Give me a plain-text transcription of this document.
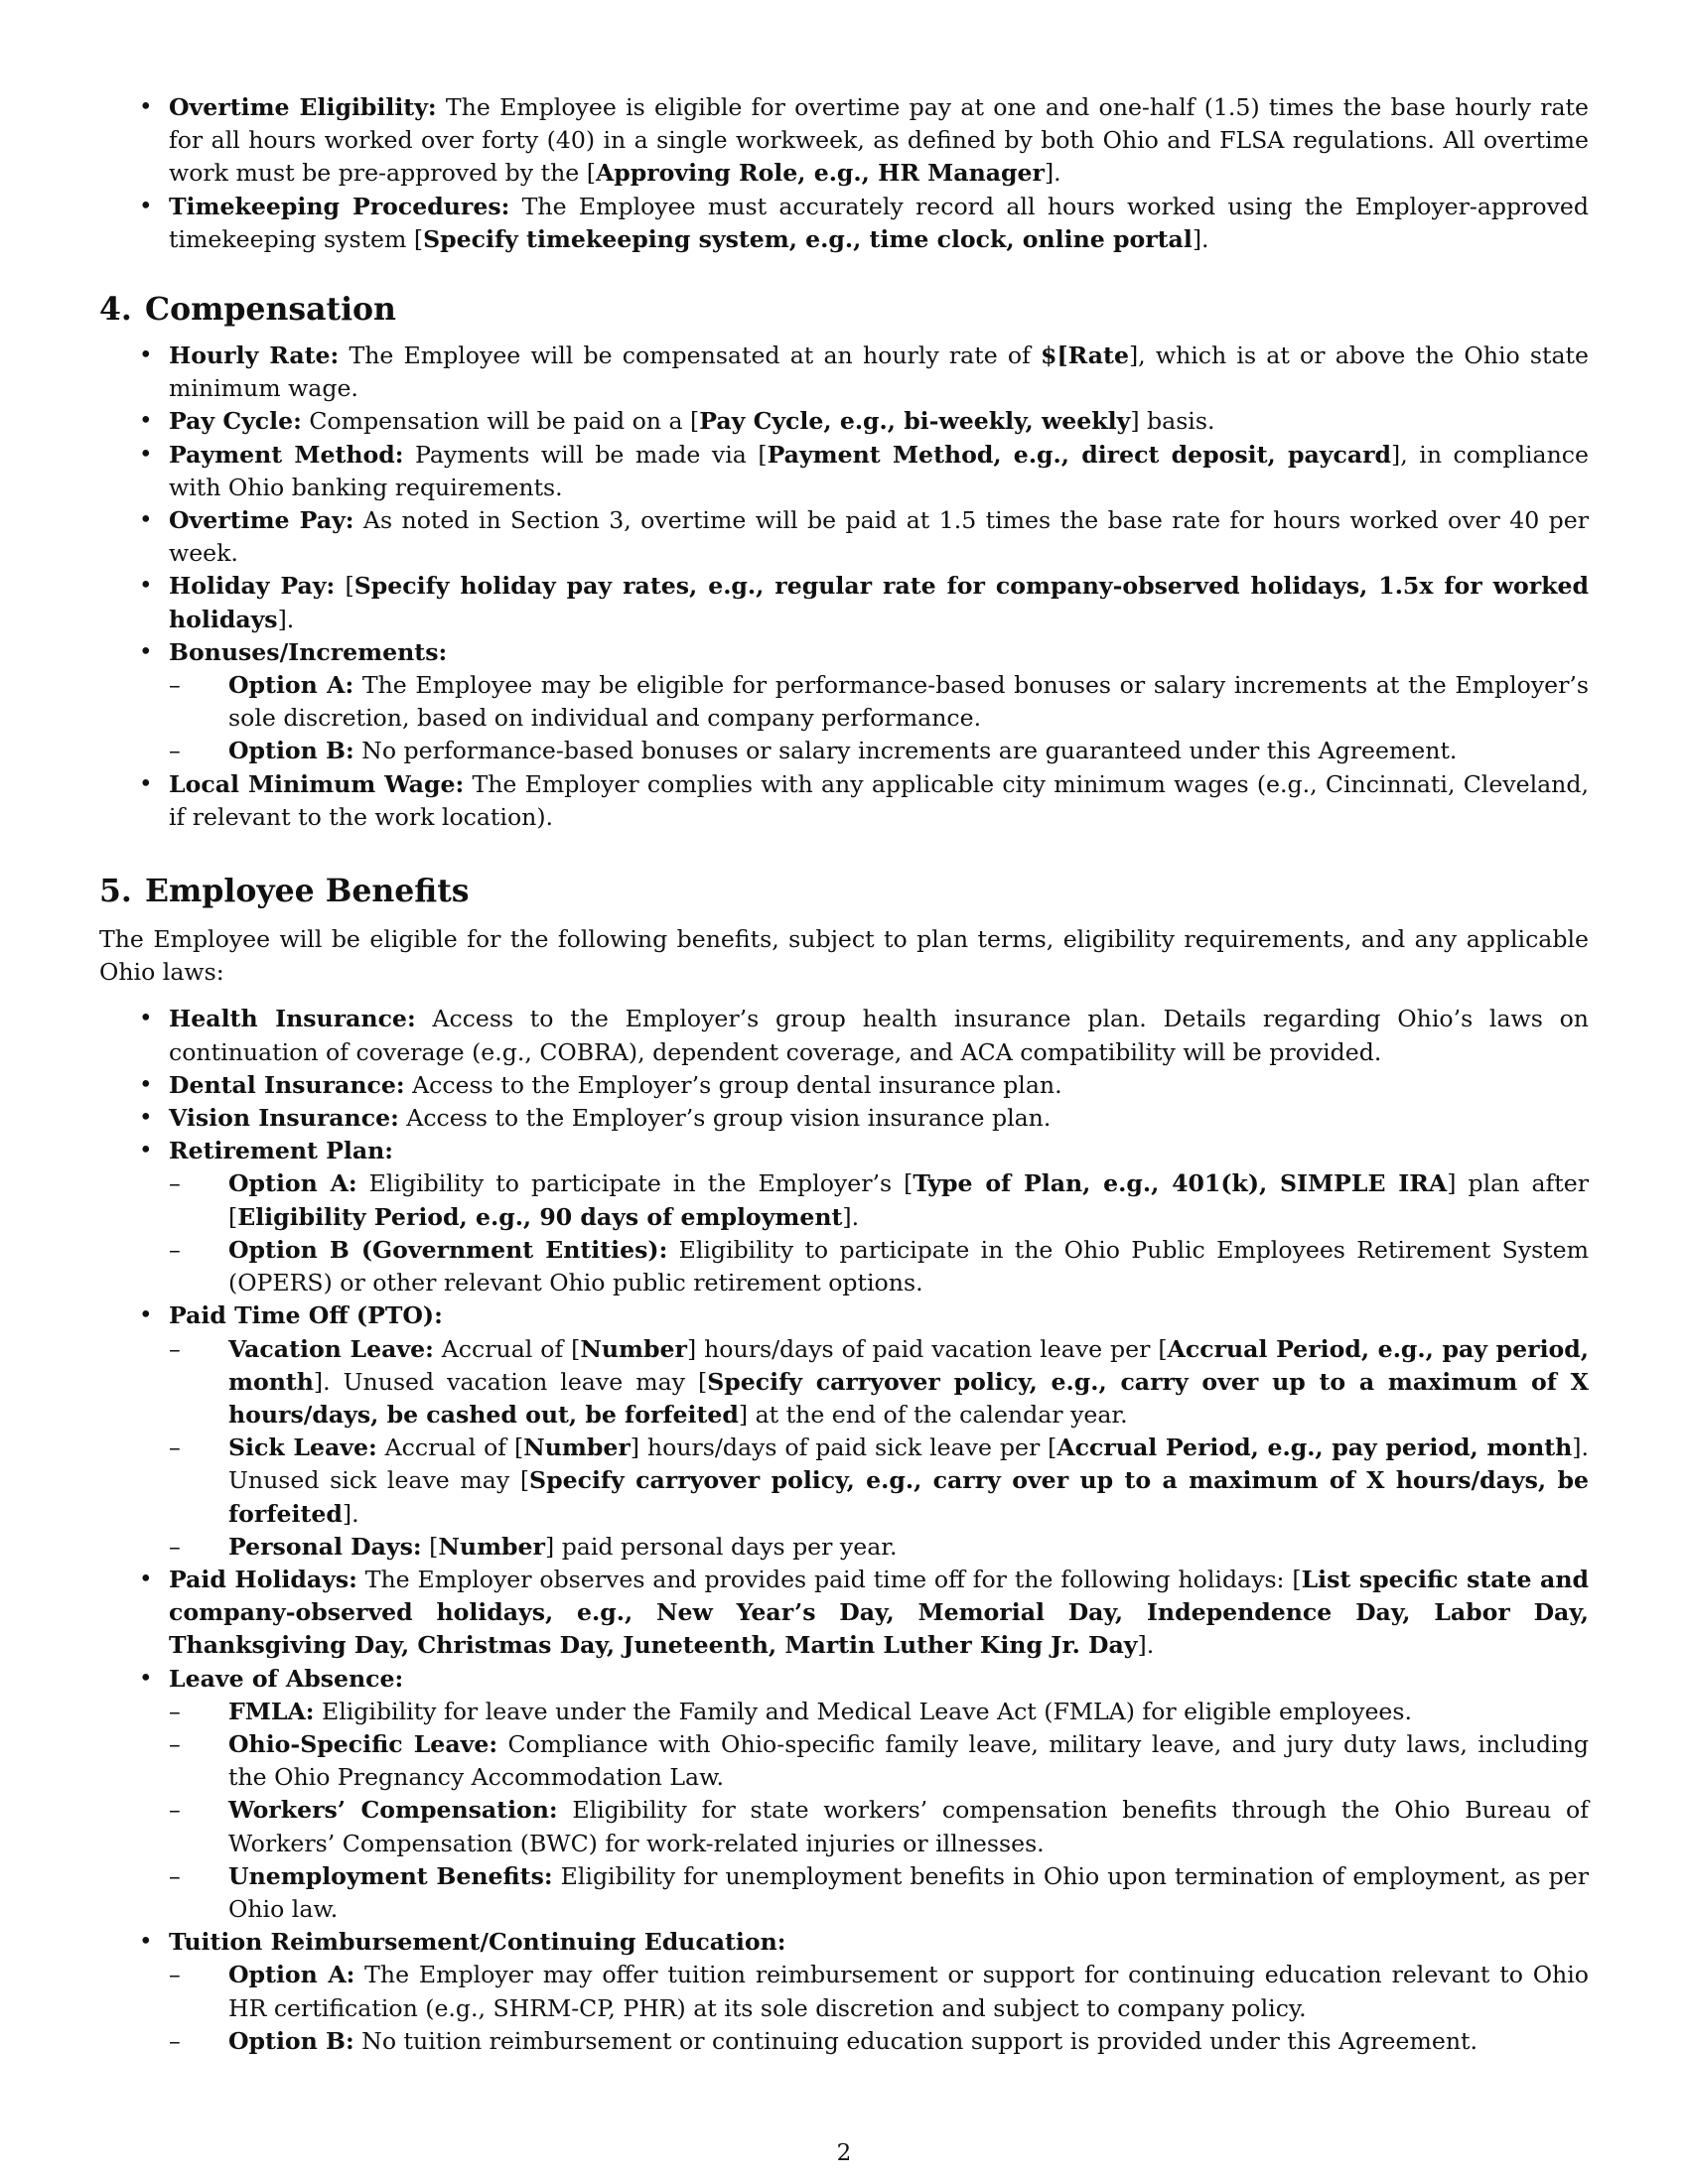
• Overtime Eligibility: The Employee is eligible for overtime pay at one and one-half (1.5) times the base hourly rate for all hours worked over forty (40) in a single workweek, as defined by both Ohio and FLSA regulations. All overtime work must be pre-approved by the [Approving Role, e.g., HR Manager].
• Timekeeping Procedures: The Employee must accurately record all hours worked using the Employer-approved timekeeping system [Specify timekeeping system, e.g., time clock, online portal].
4. Compensation
• Hourly Rate: The Employee will be compensated at an hourly rate of $[Rate], which is at or above the Ohio state minimum wage.
• Pay Cycle: Compensation will be paid on a [Pay Cycle, e.g., bi-weekly, weekly] basis.
• Payment Method: Payments will be made via [Payment Method, e.g., direct deposit, paycard], in compliance with Ohio banking requirements.
• Overtime Pay: As noted in Section 3, overtime will be paid at 1.5 times the base rate for hours worked over 40 per week.
• Holiday Pay: [Specify holiday pay rates, e.g., regular rate for company-observed holidays, 1.5x for worked holidays].
• Bonuses/Increments:
– Option A: The Employee may be eligible for performance-based bonuses or salary increments at the Employer’s sole discretion, based on individual and company performance.
– Option B: No performance-based bonuses or salary increments are guaranteed under this Agreement.
• Local Minimum Wage: The Employer complies with any applicable city minimum wages (e.g., Cincinnati, Cleveland, if relevant to the work location).
5. Employee Benefits

The Employee will be eligible for the following benefits, subject to plan terms, eligibility requirements, and any applicable Ohio laws:

• Health Insurance: Access to the Employer’s group health insurance plan. Details regarding Ohio’s laws on continuation of coverage (e.g., COBRA), dependent coverage, and ACA compatibility will be provided.
• Dental Insurance: Access to the Employer’s group dental insurance plan.
• Vision Insurance: Access to the Employer’s group vision insurance plan.
• Retirement Plan:
– Option A: Eligibility to participate in the Employer’s [Type of Plan, e.g., 401(k), SIMPLE IRA] plan after [Eligibility Period, e.g., 90 days of employment].
– Option B (Government Entities): Eligibility to participate in the Ohio Public Employees Retirement System (OPERS) or other relevant Ohio public retirement options.
• Paid Time Off (PTO):
– Vacation Leave: Accrual of [Number] hours/days of paid vacation leave per [Accrual Period, e.g., pay period, month]. Unused vacation leave may [Specify carryover policy, e.g., carry over up to a maximum of X hours/days, be cashed out, be forfeited] at the end of the calendar year.
– Sick Leave: Accrual of [Number] hours/days of paid sick leave per [Accrual Period, e.g., pay period, month]. Unused sick leave may [Specify carryover policy, e.g., carry over up to a maximum of X hours/days, be forfeited].
– Personal Days: [Number] paid personal days per year.
• Paid Holidays: The Employer observes and provides paid time off for the following holidays: [List specific state and company-observed holidays, e.g., New Year’s Day, Memorial Day, Independence Day, Labor Day, Thanksgiving Day, Christmas Day, Juneteenth, Martin Luther King Jr. Day].
• Leave of Absence:
– FMLA: Eligibility for leave under the Family and Medical Leave Act (FMLA) for eligible employees.
– Ohio-Specific Leave: Compliance with Ohio-specific family leave, military leave, and jury duty laws, including the Ohio Pregnancy Accommodation Law.
– Workers’ Compensation: Eligibility for state workers’ compensation benefits through the Ohio Bureau of Workers’ Compensation (BWC) for work-related injuries or illnesses.
– Unemployment Benefits: Eligibility for unemployment benefits in Ohio upon termination of employment, as per Ohio law.
• Tuition Reimbursement/Continuing Education:
– Option A: The Employer may offer tuition reimbursement or support for continuing education relevant to Ohio HR certification (e.g., SHRM-CP, PHR) at its sole discretion and subject to company policy.
– Option B: No tuition reimbursement or continuing education support is provided under this Agreement.
2
